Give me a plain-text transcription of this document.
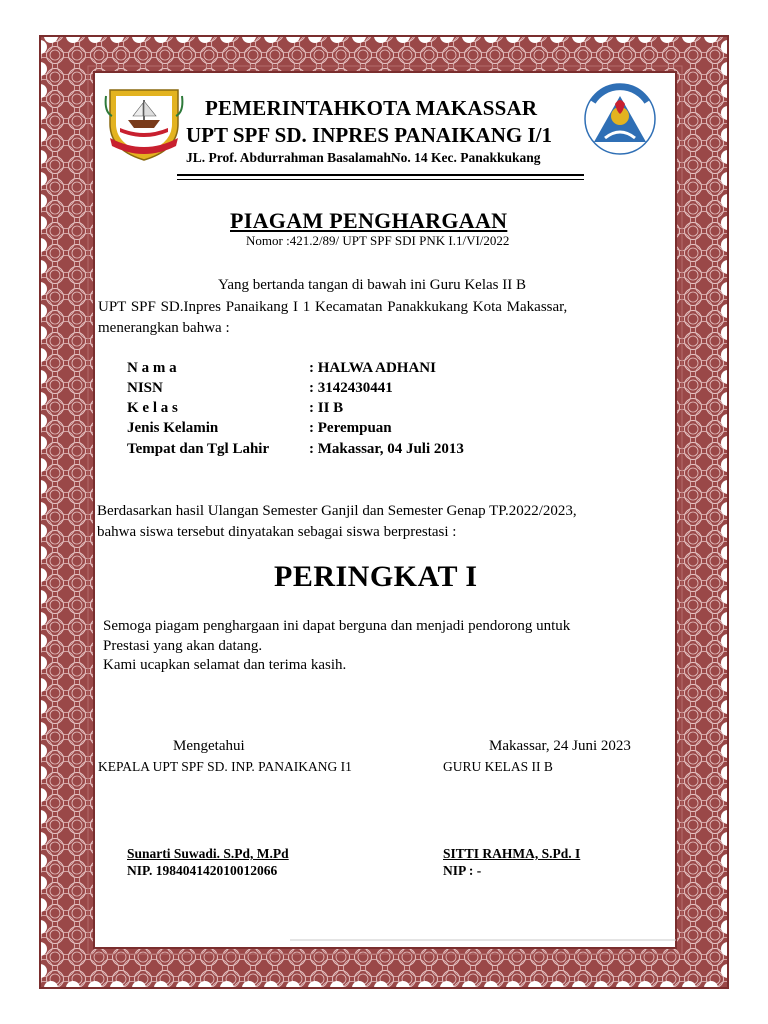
PEMERINTAHKOTA MAKASSAR
UPT SPF SD. INPRES PANAIKANG I/1
JL. Prof. Abdurrahman BasalamahNo. 14 Kec. Panakkukang
PIAGAM PENGHARGAAN
Nomor :421.2/89/ UPT SPF SDI PNK I.1/VI/2022
Yang bertanda tangan di bawah ini Guru Kelas II B
UPT SPF SD.Inpres Panaikang I 1 Kecamatan Panakkukang Kota Makassar,
menerangkan bahwa :
N a m a	: HALWA ADHANI
NISN	: 3142430441
K e l a s	: II B
Jenis Kelamin	: Perempuan
Tempat dan Tgl Lahir	: Makassar, 04 Juli 2013
Berdasarkan hasil Ulangan Semester Ganjil dan Semester Genap TP.2022/2023,
bahwa siswa tersebut dinyatakan sebagai siswa berprestasi :
PERINGKAT I
Semoga piagam penghargaan ini dapat berguna dan menjadi pendorong untuk
Prestasi yang akan datang.
Kami ucapkan selamat dan terima kasih.
Mengetahui
KEPALA UPT SPF SD. INP. PANAIKANG I1
Sunarti Suwadi. S.Pd, M.Pd
NIP. 198404142010012066
Makassar, 24 Juni 2023
GURU KELAS II B
SITTI RAHMA, S.Pd. I
NIP : -
